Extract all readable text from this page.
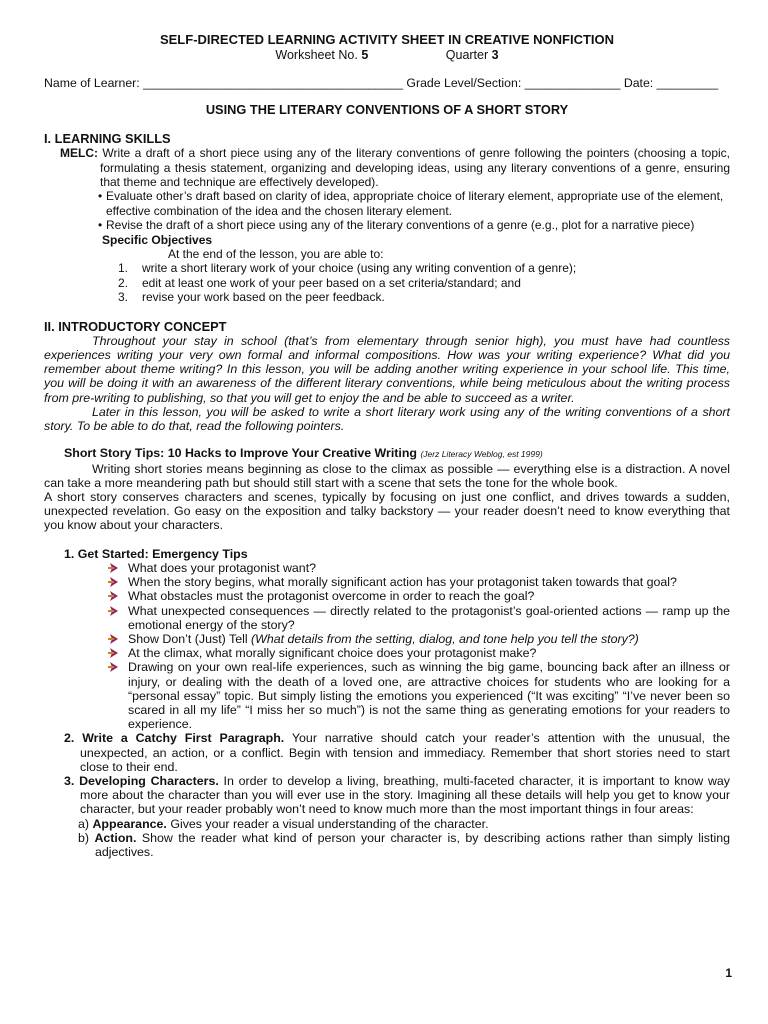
SELF-DIRECTED LEARNING ACTIVITY SHEET IN CREATIVE NONFICTION
Worksheet No. 5	Quarter 3
Name of Learner: ______________________________________ Grade Level/Section: ______________ Date: _________
USING THE LITERARY CONVENTIONS OF A SHORT STORY
I. LEARNING SKILLS
MELC: Write a draft of a short piece using any of the literary conventions of genre following the pointers (choosing a topic, formulating a thesis statement, organizing and developing ideas, using any literary conventions of a genre, ensuring that theme and technique are effectively developed).
• Evaluate other’s draft based on clarity of idea, appropriate choice of literary element, appropriate use of the element, effective combination of the idea and the chosen literary element.
• Revise the draft of a short piece using any of the literary conventions of a genre (e.g., plot for a narrative piece)
Specific Objectives
At the end of the lesson, you are able to:
1. write a short literary work of your choice (using any writing convention of a genre);
2. edit at least one work of your peer based on a set criteria/standard; and
3. revise your work based on the peer feedback.
II. INTRODUCTORY CONCEPT

Throughout your stay in school (that’s from elementary through senior high), you must have had countless experiences writing your very own formal and informal compositions. How was your writing experience? What did you remember about theme writing? In this lesson, you will be adding another writing experience in your school life. This time, you will be doing it with an awareness of the different literary conventions, while being meticulous about the writing process from pre-writing to publishing, so that you will get to enjoy the and be able to succeed as a writer.

Later in this lesson, you will be asked to write a short literary work using any of the writing conventions of a short story. To be able to do that, read the following pointers.

Short Story Tips: 10 Hacks to Improve Your Creative Writing (Jerz Literacy Weblog, est 1999)

Writing short stories means beginning as close to the climax as possible — everything else is a distraction. A novel can take a more meandering path but should still start with a scene that sets the tone for the whole book.

A short story conserves characters and scenes, typically by focusing on just one conflict, and drives towards a sudden, unexpected revelation. Go easy on the exposition and talky backstory — your reader doesn’t need to know everything that you know about your characters.

1. Get Started: Emergency Tips
What does your protagonist want?
When the story begins, what morally significant action has your protagonist taken towards that goal?
What obstacles must the protagonist overcome in order to reach the goal?
What unexpected consequences — directly related to the protagonist’s goal-oriented actions — ramp up the emotional energy of the story?
Show Don’t (Just) Tell (What details from the setting, dialog, and tone help you tell the story?)
At the climax, what morally significant choice does your protagonist make?
Drawing on your own real-life experiences, such as winning the big game, bouncing back after an illness or injury, or dealing with the death of a loved one, are attractive choices for students who are looking for a “personal essay” topic. But simply listing the emotions you experienced (“It was exciting” “I’ve never been so scared in all my life” “I miss her so much”) is not the same thing as generating emotions for your readers to experience.
2. Write a Catchy First Paragraph. Your narrative should catch your reader’s attention with the unusual, the unexpected, an action, or a conflict. Begin with tension and immediacy. Remember that short stories need to start close to their end.
3. Developing Characters. In order to develop a living, breathing, multi-faceted character, it is important to know way more about the character than you will ever use in the story. Imagining all these details will help you get to know your character, but your reader probably won’t need to know much more than the most important things in four areas:
a) Appearance. Gives your reader a visual understanding of the character.
b) Action. Show the reader what kind of person your character is, by describing actions rather than simply listing adjectives.
1
